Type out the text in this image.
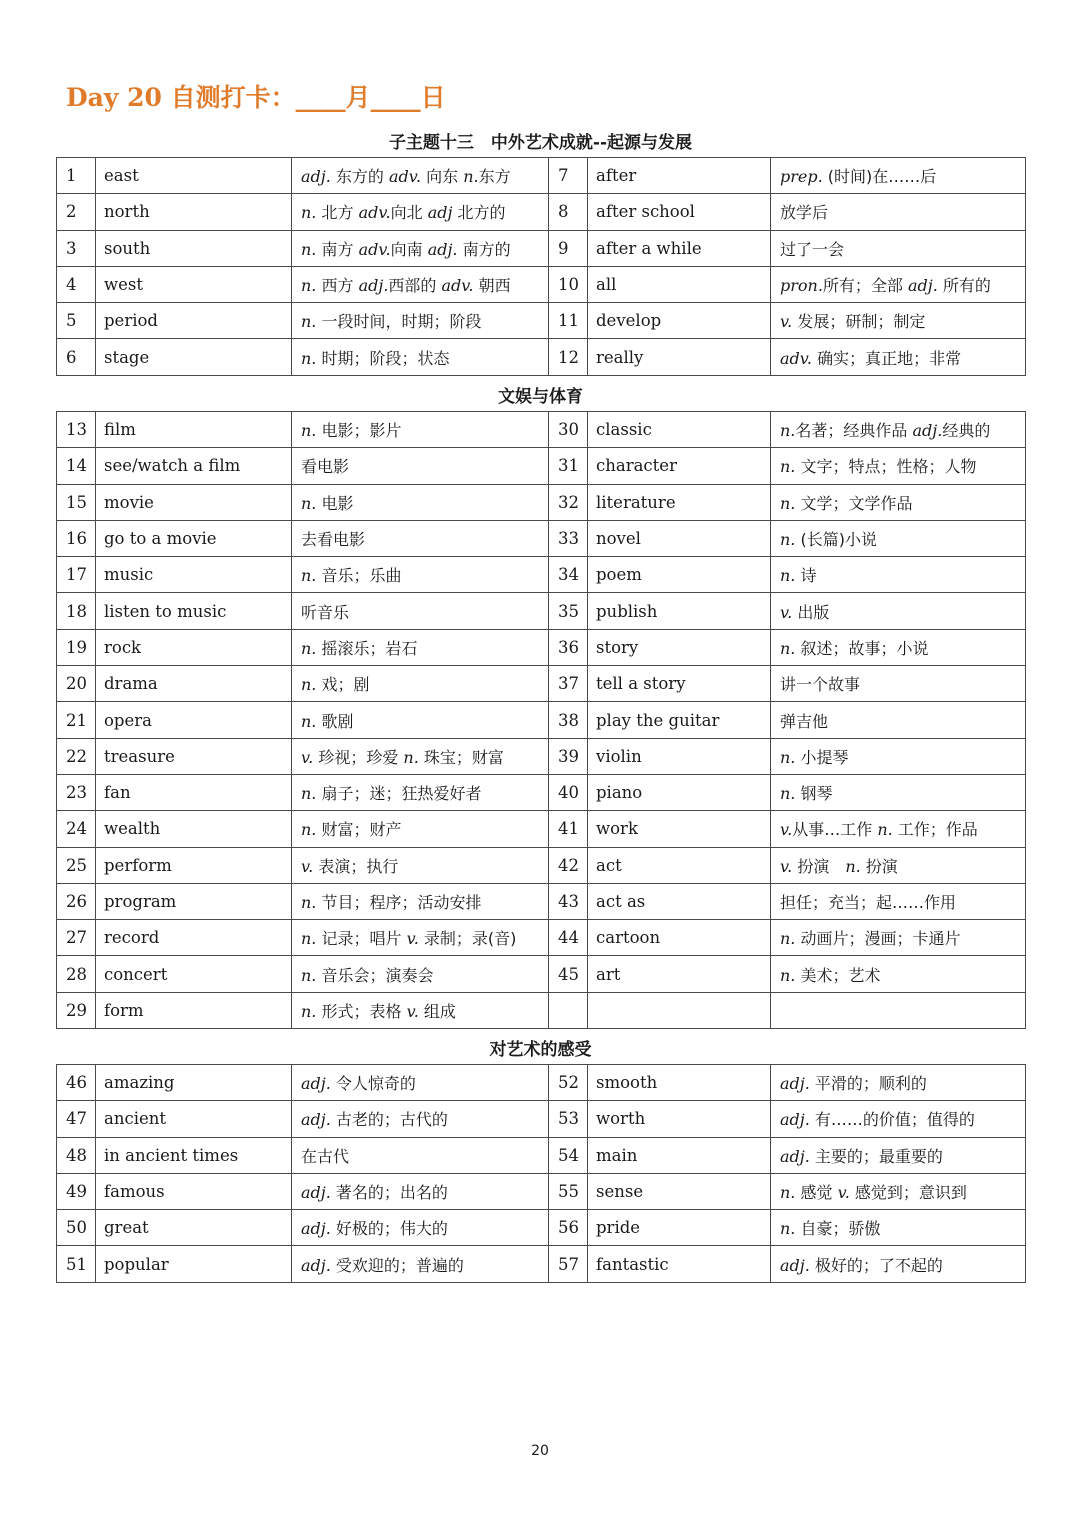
Day 20 自测打卡：____月____日
子主题十三　中外艺术成就--起源与发展
1	east	adj. 东方的 adv. 向东 n.东方	7	after	prep. (时间)在……后
2	north	n. 北方 adv.向北 adj 北方的	8	after school	放学后
3	south	n. 南方 adv.向南 adj. 南方的	9	after a while	过了一会
4	west	n. 西方 adj.西部的 adv. 朝西	10	all	pron.所有；全部 adj. 所有的
5	period	n. 一段时间，时期；阶段	11	develop	v. 发展；研制；制定
6	stage	n. 时期；阶段；状态	12	really	adv. 确实；真正地；非常
文娱与体育
13	film	n. 电影；影片	30	classic	n.名著；经典作品 adj.经典的
14	see/watch a film	看电影	31	character	n. 文字；特点；性格；人物
15	movie	n. 电影	32	literature	n. 文学；文学作品
16	go to a movie	去看电影	33	novel	n. (长篇)小说
17	music	n. 音乐；乐曲	34	poem	n. 诗
18	listen to music	听音乐	35	publish	v. 出版
19	rock	n. 摇滚乐；岩石	36	story	n. 叙述；故事；小说
20	drama	n. 戏；剧	37	tell a story	讲一个故事
21	opera	n. 歌剧	38	play the guitar	弹吉他
22	treasure	v. 珍视；珍爱 n. 珠宝；财富	39	violin	n. 小提琴
23	fan	n. 扇子；迷；狂热爱好者	40	piano	n. 钢琴
24	wealth	n. 财富；财产	41	work	v.从事…工作 n. 工作；作品
25	perform	v. 表演；执行	42	act	v. 扮演　n. 扮演
26	program	n. 节目；程序；活动安排	43	act as	担任；充当；起……作用
27	record	n. 记录；唱片 v. 录制；录(音)	44	cartoon	n. 动画片；漫画；卡通片
28	concert	n. 音乐会；演奏会	45	art	n. 美术；艺术
29	form	n. 形式；表格 v. 组成			
对艺术的感受
46	amazing	adj. 令人惊奇的	52	smooth	adj. 平滑的；顺利的
47	ancient	adj. 古老的；古代的	53	worth	adj. 有……的价值；值得的
48	in ancient times	在古代	54	main	adj. 主要的；最重要的
49	famous	adj. 著名的；出名的	55	sense	n. 感觉 v. 感觉到；意识到
50	great	adj. 好极的；伟大的	56	pride	n. 自豪；骄傲
51	popular	adj. 受欢迎的；普遍的	57	fantastic	adj. 极好的；了不起的
20
